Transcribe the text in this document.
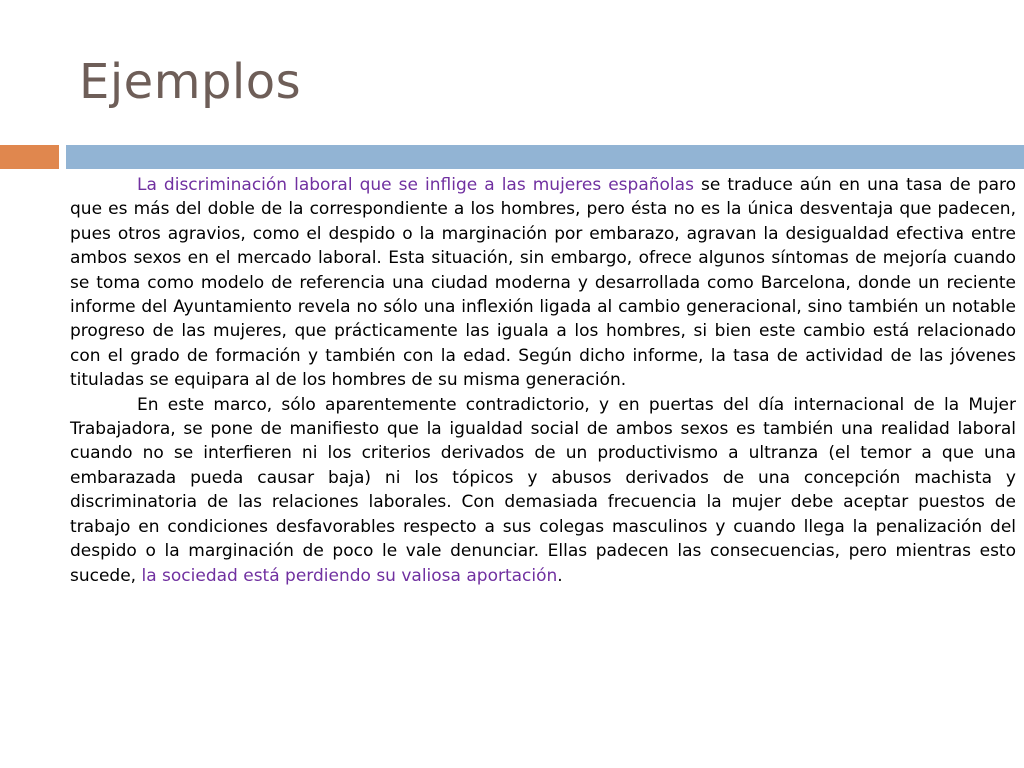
Ejemplos

La discriminación laboral que se inflige a las mujeres españolas se traduce aún en una tasa de paro que es más del doble de la correspondiente a los hombres, pero ésta no es la única desventaja que padecen, pues otros agravios, como el despido o la marginación por embarazo, agravan la desigualdad efectiva entre ambos sexos en el mercado laboral. Esta situación, sin embargo, ofrece algunos síntomas de mejoría cuando se toma como modelo de referencia una ciudad moderna y desarrollada como Barcelona, donde un reciente informe del Ayuntamiento revela no sólo una inflexión ligada al cambio generacional, sino también un notable progreso de las mujeres, que prácticamente las iguala a los hombres, si bien este cambio está relacionado con el grado de formación y también con la edad. Según dicho informe, la tasa de actividad de las jóvenes tituladas se equipara al de los hombres de su misma generación.

En este marco, sólo aparentemente contradictorio, y en puertas del día internacional de la Mujer Trabajadora, se pone de manifiesto que la igualdad social de ambos sexos es también una realidad laboral cuando no se interfieren ni los criterios derivados de un productivismo a ultranza (el temor a que una embarazada pueda causar baja) ni los tópicos y abusos derivados de una concepción machista y discriminatoria de las relaciones laborales. Con demasiada frecuencia la mujer debe aceptar puestos de trabajo en condiciones desfavorables respecto a sus colegas masculinos y cuando llega la penalización del despido o la marginación de poco le vale denunciar. Ellas padecen las consecuencias, pero mientras esto sucede, la sociedad está perdiendo su valiosa aportación.
